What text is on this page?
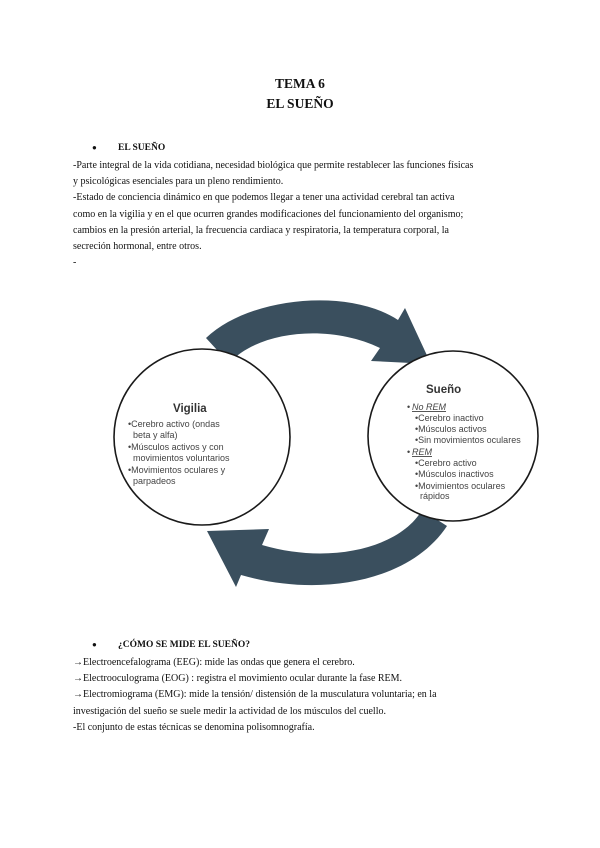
TEMA 6
EL SUEÑO
● EL SUEÑO

-Parte integral de la vida cotidiana, necesidad biológica que permite restablecer las funciones físicas

y psicológicas esenciales para un pleno rendimiento.

-Estado de conciencia dinámico en que podemos llegar a tener una actividad cerebral tan activa

como en la vigilia y en el que ocurren grandes modificaciones del funcionamiento del organismo;

cambios en la presión arterial, la frecuencia cardiaca y respiratoria, la temperatura corporal, la

secreción hormonal, entre otros.

-

Vigilia
•Cerebro activo (ondas
beta y alfa)
•Músculos activos y con
movimientos voluntarios
•Movimientos oculares y
parpadeos
Sueño
• No REM
•Cerebro inactivo
•Músculos activos
•Sin movimientos oculares
• REM
•Cerebro activo
•Músculos inactivos
•Movimientos oculares
rápidos
● ¿CÓMO SE MIDE EL SUEÑO?

→Electroencefalograma (EEG): mide las ondas que genera el cerebro.

→Electrooculograma (EOG) : registra el movimiento ocular durante la fase REM.

→Electromiograma (EMG): mide la tensión/ distensión de la musculatura voluntaria; en la

investigación del sueño se suele medir la actividad de los músculos del cuello.

-El conjunto de estas técnicas se denomina polisomnografía.
